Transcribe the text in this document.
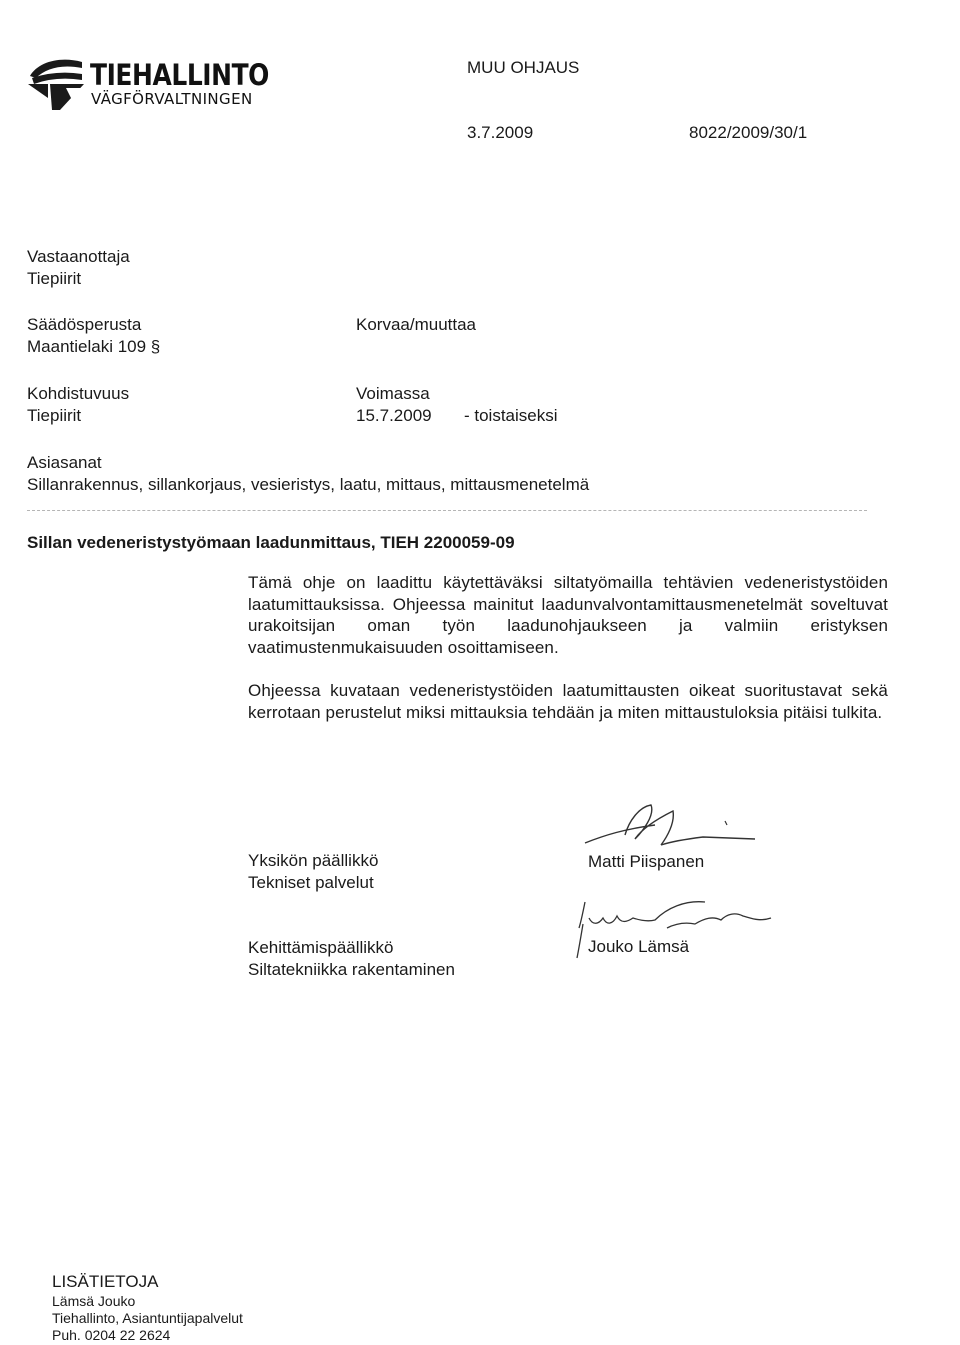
TIEHALLINTO
VÄGFÖRVALTNINGEN
MUU OHJAUS
3.7.2009	8022/2009/30/1
Vastaanottaja
Tiepiirit
Säädösperusta
Maantielaki 109 §
Korvaa/muuttaa
Kohdistuvuus
Tiepiirit
Voimassa
15.7.2009 - toistaiseksi
Asiasanat
Sillanrakennus, sillankorjaus, vesieristys, laatu, mittaus, mittausmenetelmä
Sillan vedeneristystyömaan laadunmittaus, TIEH 2200059-09
Tämä ohje on laadittu käytettäväksi siltatyömailla tehtävien vedeneristystöiden laatumittauksissa. Ohjeessa mainitut laadunvalvontamittausmenetelmät soveltuvat urakoitsijan oman työn laadunohjaukseen ja valmiin eristyksen vaatimustenmukaisuuden osoittamiseen.
Ohjeessa kuvataan vedeneristystöiden laatumittausten oikeat suoritustavat sekä kerrotaan perustelut miksi mittauksia tehdään ja miten mittaustuloksia pitäisi tulkita.
Yksikön päällikkö
Tekniset palvelut
Matti Piispanen
Kehittämispäällikkö
Siltatekniikka rakentaminen
Jouko Lämsä
LISÄTIETOJA
Lämsä Jouko
Tiehallinto, Asiantuntijapalvelut
Puh. 0204 22 2624
